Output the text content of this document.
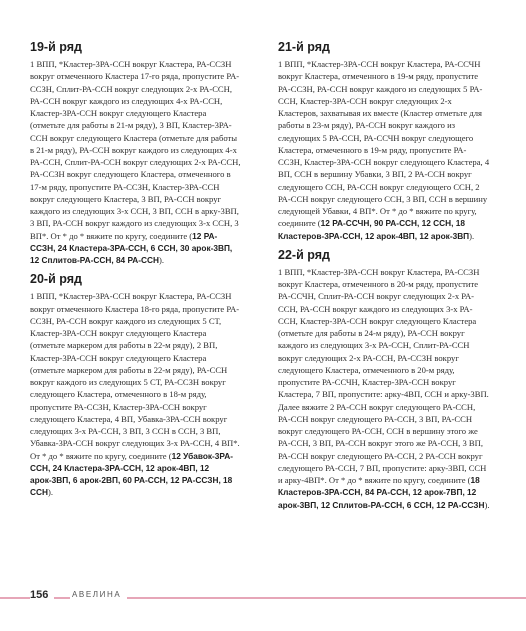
19-й ряд

1 ВПП, *Кластер-3РА-ССН вокруг Кластера, РА-ССЗН вокруг отмеченного Кластера 17-го ряда, пропустите РА-ССЗН, Сплит-РА-ССН вокруг следующих 2-х РА-ССН, РА-ССН вокруг каждого из следующих 4-х РА-ССН, Кластер-3РА-ССН вокруг следующего Кластера (отметьте для работы в 21-м ряду), 3 ВП, Кластер-3РА-ССН вокруг следующего Кластера (отметьте для работы в 21-м ряду), РА-ССН вокруг каждого из следующих 4-х РА-ССН, Сплит-РА-ССН вокруг следующих 2-х РА-ССН, РА-ССЗН вокруг следующего Кластера, отмеченного в 17-м ряду, пропустите РА-ССЗН, Кластер-3РА-ССН вокруг следующего Кластера, 3 ВП, РА-ССН вокруг каждого из следующих 3-х ССН, 3 ВП, ССН в арку-3ВП, 3 ВП, РА-ССН вокруг каждого из следующих 3-х ССН, 3 ВП*. От * до * вяжите по кругу, соедините (12 РА-ССЗН, 24 Кластера-3РА-ССН, 6 ССН, 30 арок-3ВП, 12 Сплитов-РА-ССН, 84 РА-ССН).

20-й ряд

1 ВПП, *Кластер-3РА-ССН вокруг Кластера, РА-ССЗН вокруг отмеченного Кластера 18-го ряда, пропустите РА-ССЗН, РА-ССН вокруг каждого из следующих 5 СТ, Кластер-3РА-ССН вокруг следующего Кластера (отметьте маркером для работы в 22-м ряду), 2 ВП, Кластер-3РА-ССН вокруг следующего Кластера (отметьте маркером для работы в 22-м ряду), РА-ССН вокруг каждого из следующих 5 СТ, РА-ССЗН вокруг следующего Кластера, отмеченного в 18-м ряду, пропустите РА-ССЗН, Кластер-3РА-ССН вокруг следующего Кластера, 4 ВП, Убавка-3РА-ССН вокруг следующих 3-х РА-ССН, 3 ВП, 3 ССН в ССН, 3 ВП, Убавка-3РА-ССН вокруг следующих 3-х РА-ССН, 4 ВП*. От * до * вяжите по кругу, соедините (12 Убавок-3РА-ССН, 24 Кластера-3РА-ССН, 12 арок-4ВП, 12 арок-3ВП, 6 арок-2ВП, 60 РА-ССН, 12 РА-ССЗН, 18 ССН).

21-й ряд

1 ВПП, *Кластер-3РА-ССН вокруг Кластера, РА-ССЧН вокруг Кластера, отмеченного в 19-м ряду, пропустите РА-ССЗН, РА-ССН вокруг каждого из следующих 5 РА-ССН, Кластер-3РА-ССН вокруг следующих 2-х Кластеров, захватывая их вместе (Кластер отметьте для работы в 23-м ряду), РА-ССН вокруг каждого из следующих 5 РА-ССН, РА-ССЧН вокруг следующего Кластера, отмеченного в 19-м ряду, пропустите РА-ССЗН, Кластер-3РА-ССН вокруг следующего Кластера, 4 ВП, ССН в вершину Убавки, 3 ВП, 2 РА-ССН вокруг следующего ССН, РА-ССН вокруг следующего ССН, 2 РА-ССН вокруг следующего ССН, 3 ВП, ССН в вершину следующей Убавки, 4 ВП*. От * до * вяжите по кругу, соедините (12 РА-ССЧН, 90 РА-ССН, 12 ССН, 18 Кластеров-3РА-ССН, 12 арок-4ВП, 12 арок-3ВП).

22-й ряд

1 ВПП, *Кластер-3РА-ССН вокруг Кластера, РА-ССЗН вокруг Кластера, отмеченного в 20-м ряду, пропустите РА-ССЧН, Сплит-РА-ССН вокруг следующих 2-х РА-ССН, РА-ССН вокруг каждого из следующих 3-х РА-ССН, Кластер-3РА-ССН вокруг следующего Кластера (отметьте для работы в 24-м ряду), РА-ССН вокруг каждого из следующих 3-х РА-ССН, Сплит-РА-ССН вокруг следующих 2-х РА-ССН, РА-ССЗН вокруг следующего Кластера, отмеченного в 20-м ряду, пропустите РА-ССЧН, Кластер-3РА-ССН вокруг Кластера, 7 ВП, пропустите: арку-4ВП, ССН и арку-3ВП. Далее вяжите 2 РА-ССН вокруг следующего РА-ССН, РА-ССН вокруг следующего РА-ССН, 3 ВП, РА-ССН вокруг следующего РА-ССН, ССН в вершину этого же РА-ССН, 3 ВП, РА-ССН вокруг этого же РА-ССН, 3 ВП, РА-ССН вокруг следующего РА-ССН, 2 РА-ССН вокруг следующего РА-ССН, 7 ВП, пропустите: арку-3ВП, ССН и арку-4ВП*. От * до * вяжите по кругу, соедините (18 Кластеров-3РА-ССН, 84 РА-ССН, 12 арок-7ВП, 12 арок-3ВП, 12 Сплитов-РА-ССН, 6 ССН, 12 РА-ССЗН).

156	АВЕЛИНА
